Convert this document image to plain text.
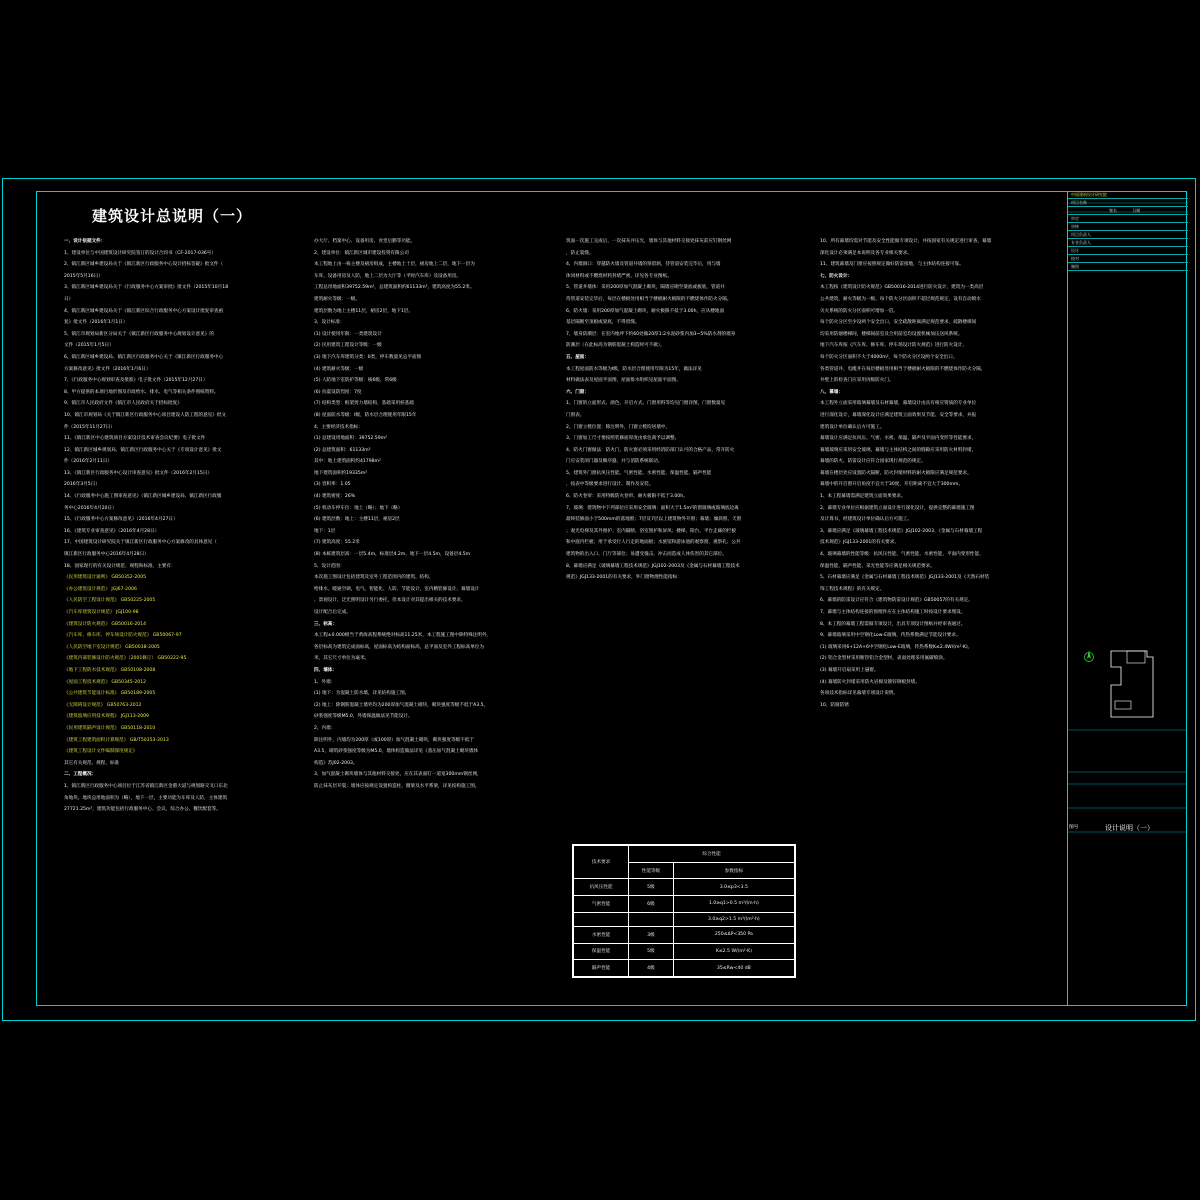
建筑设计总说明（一）
一、设计依据文件：
1、建设单位与中国建筑设计研究院签订的设计合同书（CF-2017-036号）
2、镇江新区城乡建设局关于《镇江新区行政服务中心设计招标答疑》批文件（
2015年5月16日）
3、镇江新区城乡建设局关于《行政服务中心方案审批》批文件（2015年10月18
日）
4、镇江新区城乡建设局关于《镇江新区综合行政服务中心方案设计批复审查函
复》批文件（2016年1月1日）
5、镇江市规划局新区分局关于《镇江新区行政服务中心规划设计意见》的
文件（2015年1月5日）
6、镇江新区城乡建设局、镇江新区行政服务中心关于《镇江新区行政服务中心
方案修改意见》批文件（2016年1月6日）
7、《行政服务中心规划审查及批准》电子批文件（2015年12月27日）
8、甲方提供的本项目地形图及市政给水、排水、电气等相关条件图纸资料。
9、镇江市人民政府文件《镇江市人民政府关于招标批复》
10、镇江市规划局《关于镇江新区行政服务中心项目建设人防工程的意见》批文
件（2015年11月27日）
11、《镇江新区中心建筑项目方案设计技术审查会议纪要》电子批文件
12、镇江新区城乡规划局、镇江新区行政服务中心关于《专项设计意见》批文
件（2016年2月11日）
13、《镇江新区行政服务中心设计审查意见》批文件（2016年2月15日）
2016年3月5日）
14、《行政服务中心施工图审查意见》（镇江新区城乡建设局、镇江新区行政服
务中心2016年4月20日）
15、《行政服务中心方案修改意见》（2016年4月27日）
16、《建筑专业审查意见》（2016年4月28日）
17、中国建筑设计研究院关于镇江新区行政服务中心方案修改的具体意见（
镇江新区行政服务中心2016年4月28日）
18、国家现行的有关设计规范、规程和标准，主要有：
《民用建筑设计通则》 GB50352-2005
《办公建筑设计规范》 JGJ67-2006
《人民防空工程设计规范》 GB50225-2005
《汽车库建筑设计规范》 JGJ100-98
《建筑设计防火规范》 GB50016-2014
《汽车库、修车库、停车场设计防火规范》 GB50067-97
《人民防空地下室设计规范》 GB50038-2005
《建筑内部装修设计防火规范》（2001修订） GB50222-95
《地下工程防水技术规范》 GB50108-2008
《屋面工程技术规范》 GB50345-2012
《公共建筑节能设计标准》 GB50189-2005
《无障碍设计规范》 GB50763-2012
《建筑玻璃应用技术规程》 JGJ113-2009
《民用建筑隔声设计规范》 GB50118-2010
《建筑工程建筑面积计算规范》 GB/T50353-2013
《建筑工程设计文件编制深度规定》
其它有关规范、规程、标准
二、工程概况：
1、镇江新区行政服务中心项目位于江苏省镇江新区金港大道与规划路交叉口东北
角地块。地块总用地面积为（略），地下一层，主要功能为车库及人防，主体建筑
27721.25m²，建筑功能包括行政服务中心、会议、综合办公、餐饮配套等。
办大厅、档案中心、设备用房、食堂后勤等功能。
2、建设单位：镇江新区城市建设投资有限公司
本工程地上由一栋主楼及裙房组成，主楼地上十层，裙房地上二层，地下一层为
车库、设备用房及人防，地上二层为大厅等（平时汽车库）及设备用房。
工程总用地面积39752.59m²，总建筑面积约61133m²，建筑高度为55.2米。
建筑耐火等级：一级。
建筑层数为地上主楼11层，裙房2层，地下1层。
3、设计标准：
(1) 设计使用年限：一类建筑设计
(2) 民用建筑工程设计等级：一级
(3) 地下汽车库建筑分类：II类，停车数量见总平面图
(4) 建筑耐火等级：一级
(5) 人防地下室防护等级：核6级，常6级
(6) 抗震设防烈度：7度
(7) 结构类型：框架剪力墙结构，基础采用桩基础
(8) 屋面防水等级：I级，防水层合理使用年限15年
4、主要经济技术指标：
(1) 总建设用地面积：39752.59m²
(2) 总建筑面积：61133m²
其中：地上建筑面积约41798m²
地下建筑面积约19335m²
(3) 容积率：1.05
(4) 建筑密度：26%
(5) 机动车停车位：地上（略）；地下（略）
(6) 建筑层数：地上：主楼11层，裙房2层
地下：1层
(7) 建筑高度：55.2米
(8) 本栋建筑层高：一层5.4m，标准层4.2m，地下一层4.5m，设备层4.5m
5、设计范围：
本次施工图设计包括建筑及室外工程范围内的建筑、结构、
给排水、暖通空调、电气、智能化、人防、节能设计，室内精装修设计、幕墙设计
、景观设计、泛光照明设计另行委托，但本设计对其提出相关的技术要求，
设计配合后完成。
三、标高：
本工程±0.000相当于黄海高程系统绝对标高11.25米，本工程施工图中除特殊注明外，
各层标高为建筑完成面标高，屋面标高为结构面标高，总平面及室外工程标高单位为
米，其它尺寸单位为毫米。
四、墙体：
1、外墙：
(1) 地下：为混凝土防水墙，详见结构施工图。
(2) 地上：除钢筋混凝土墙外均为200厚加气混凝土砌块，砌块强度等级不低于A3.5，
砂浆强度等级M5.0，外墙保温做法见节能设计。
2、内墙：
除注明外，内墙均为200厚（或100厚）加气混凝土砌块，砌块强度等级不低于
A3.5，砌筑砂浆强度等级为M5.0，墙体构造做法详见《蒸压加气混凝土砌块墙体
构造》苏J02-2003。
3、加气混凝土砌块墙体与其他材料交接处，应在其表面钉一道宽300mm钢丝网，
防止抹灰层开裂；墙体应按规定设置构造柱、圈梁及水平系梁，详见结构施工图。
筑面一次施工完成后，一次抹灰并压光，墙体与其他材料交接处抹灰前应钉钢丝网
，防止裂缝。
4、内墙洞口：穿越防火墙及管道井墙的预留洞，待管道安装完毕后，用与墙
体同材料或不燃烧材料封堵严密，详见各专业图纸。
5、管道井墙体：采用200厚加气混凝土砌块，隔墙应砌至梁底或板底，管道井
待管道安装完毕后，每层在楼板处用相当于楼板耐火极限的不燃烧体作防火分隔。
6、防火墙：采用200厚加气混凝土砌块，耐火极限不低于3.00h，应从楼地面
基层隔断至顶板或梁底，不得留缝。
7、墙身防潮层：在室内地坪下约60处做20厚1:2水泥砂浆内加3~5%防水剂的墙身
防潮层（在此标高为钢筋混凝土构造时可不做）。
五、屋面：
本工程屋面防水等级为I级，防水层合理使用年限为15年，做法详见
材料做法表及屋面平面图，屋面排水组织见屋面平面图。
六、门窗：
1、门窗的立面形式、颜色、开启方式、门窗用料等均见门窗详图，门窗数量见
门窗表。
2、门窗立樘位置：除注明外，门窗立樘均居墙中。
3、门窗加工尺寸要按照装修面厚度由承包商予以调整。
4、防火门窗做法：防火门、防火窗必须采用经消防部门认可的合格产品，常开防火
门应安装闭门器及顺序器，并与消防系统联动。
5、建筑外门窗抗风压性能、气密性能、水密性能、保温性能、隔声性能
，按表中等级要求进行设计、制作及安装。
6、防火卷帘：采用特级防火卷帘，耐火极限不低于3.00h。
7、玻璃：建筑物中下列部位应采用安全玻璃：面积大于1.5m²的窗玻璃或玻璃底边离
最终装修面小于500mm的落地窗；7层及7层以上建筑物外开窗；幕墙；倾斜窗、天窗
；观光电梯及其外围护；室内隔断、浴室围护和屏风；楼梯、阳台、平台走廊的栏板
和中庭内栏板；用于承受行人行走的地面板；水族馆和游泳池的观察窗、观察孔；公共
建筑物的出入口、门厅等部位；易遭受撞击、冲击而造成人体伤害的其它部位。
8、幕墙应满足《玻璃幕墙工程技术规范》JGJ102-2003及《金属与石材幕墙工程技术
规范》JGJ133-2001的有关要求，外门窗物理性能指标：
10、所有幕墙均需对节能及安全性能做专项设计，并按国家有关规定进行审查，幕墙
深化设计必须满足本说明及各专业相关要求。
11、建筑幕墙及门窗应按照规定做好防雷接地，与主体结构连接可靠。
七、防火设计：
本工程按《建筑设计防火规范》GB50016-2014进行防火设计，建筑为一类高层
公共建筑，耐火等级为一级。每个防火分区面积不超过规范规定，设有自动喷水
灭火系统的防火分区面积可增加一倍。
每个防火分区至少设两个安全出口，安全疏散距离满足规范要求，疏散楼梯间
均采用防烟楼梯间，楼梯间前室及合用前室均设置机械加压送风系统。
地下汽车库按《汽车库、修车库、停车场设计防火规范》进行防火设计，
每个防火分区面积不大于4000m²，每个防火分区设两个安全出口。
各类管道井、电缆井在每层楼板处用相当于楼板耐火极限的不燃烧体作防火分隔，
井壁上的检查门应采用丙级防火门。
八、幕墙：
本工程外立面采用玻璃幕墙及石材幕墙，幕墙设计由具有相应资质的专业单位
进行深化设计，幕墙深化设计应满足建筑立面效果及节能、安全等要求，并报
建筑设计单位确认后方可施工。
幕墙设计应满足抗风压、气密、水密、保温、隔声及平面内变形等性能要求，
幕墙玻璃应采用安全玻璃，幕墙与主体结构之间的缝隙应采用防火材料封堵，
幕墙的防火、防雷设计应符合国家现行规范的规定。
幕墙在楼层处应设置防火隔断，防火封堵材料的耐火极限应满足规范要求。
幕墙中的开启窗开启角度不宜大于30度，开启距离不宜大于300mm。
1、本工程幕墙需满足建筑立面效果要求。
2、幕墙专业单位应根据建筑立面设计进行深化设计，提供完整的幕墙施工图
及计算书，经建筑设计单位确认后方可施工。
3、幕墙应满足《玻璃幕墙工程技术规范》JGJ102-2003、《金属与石材幕墙工程
技术规范》JGJ133-2001的有关要求。
4、玻璃幕墙的性能等级：抗风压性能、气密性能、水密性能、平面内变形性能、
保温性能、隔声性能、采光性能等应满足相关规范要求。
5、石材幕墙应满足《金属与石材幕墙工程技术规范》JGJ133-2001及《天然石材装
饰工程技术规程》的有关规定。
6、幕墙的防雷设计应符合《建筑物防雷设计规范》GB50057的有关规定。
7、幕墙与主体结构连接的预埋件应在主体结构施工时按设计要求埋设。
8、本工程的幕墙工程需做专项设计，出具专项设计图纸并经审查通过。
9、幕墙玻璃采用中空钢化Low-E玻璃，传热系数满足节能设计要求。
(1) 玻璃采用6+12A+6中空钢化Low-E玻璃，传热系数K≤2.4W/(m²·K)。
(2) 铝合金型材采用断热铝合金型材，表面处理采用氟碳喷涂。
(3) 幕墙开启扇采用上悬窗。
(4) 幕墙防火封堵采用防火岩棉及镀锌钢板封堵。
各项技术指标详见幕墙专项设计说明。
10、防腐防锈
技术要求	综合性能	
	性能等级	参数指标
抗风压性能	5级	3.0≤p3<3.5
气密性能	6级	1.0≥q1>0.5 m³/(m·h)
		3.0≥q2>1.5 m³/(m²·h)
水密性能	3级	250≤ΔP<350 Pa
保温性能	5级	K≤2.5 W/(m²·K)
隔声性能	4级	35≤Rw<40 dB
中国建筑设计研究院
项目名称
签名	日期
审定
审核
项目负责人
专业负责人
设计
校对
制图
图号	设计说明（一）
